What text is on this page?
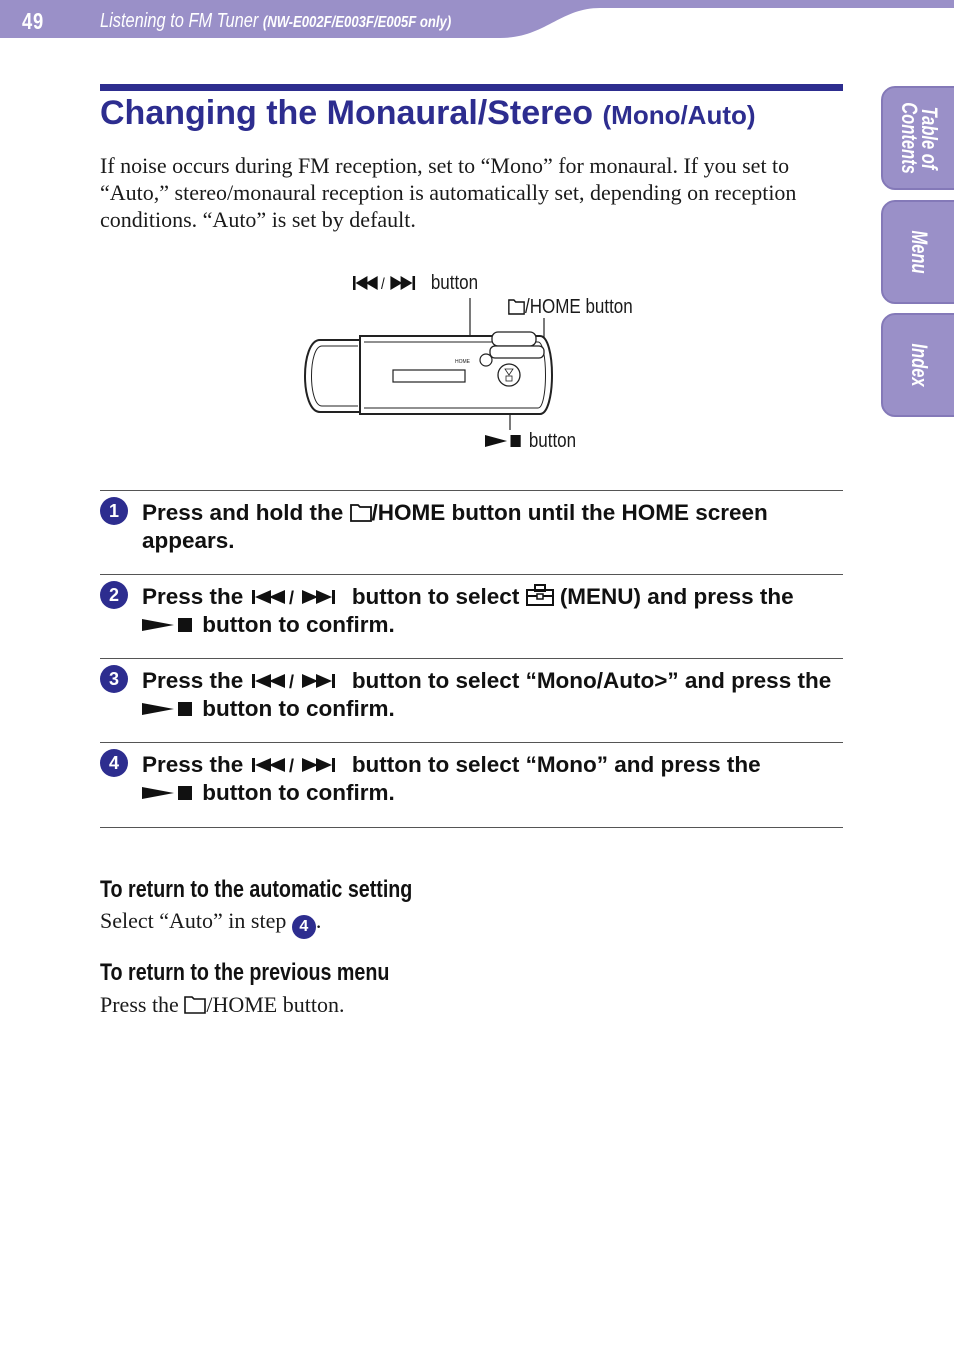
49	Listening to FM Tuner (NW-E002F/E003F/E005F only)
Table of
Contents
Menu
Index
Changing the Monaural/Stereo (Mono/Auto)

If noise occurs during FM reception, set to “Mono” for monaural. If you set to “Auto,” stereo/monaural reception is automatically set, depending on reception conditions. “Auto” is set by default.

HOME
/ button
/HOME button
button
1	Press and hold the /HOME button until the HOME screen appears.

2	Press the / button to select  (MENU) and press the
button to confirm.

3	Press the / button to select “Mono/Auto>” and press the  button to confirm.

4	Press the / button to select “Mono” and press the
button to confirm.

To return to the automatic setting

Select “Auto” in step 4 .

To return to the previous menu

Press the /HOME button.
